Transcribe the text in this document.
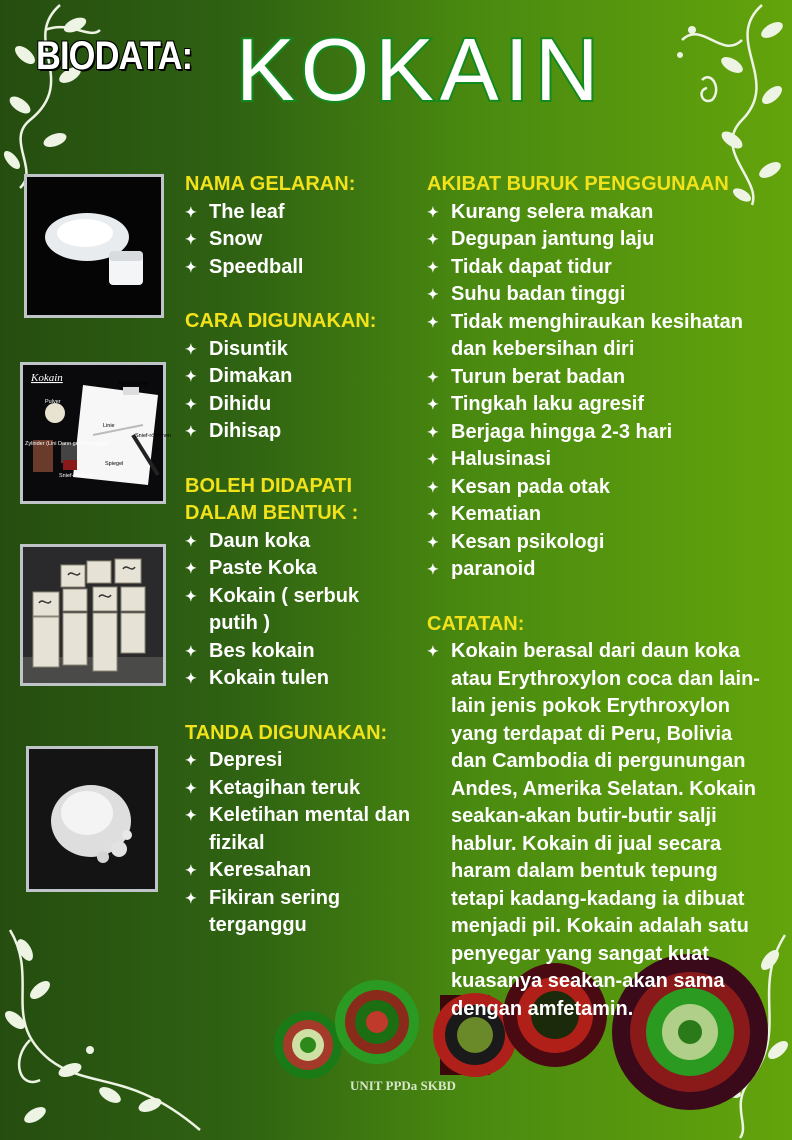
BIODATA: KOKAIN
Pulver
Rasierklinge
Linie
Zylinder (Lini Dann geschmuggelt)
Snief-röhrchen
Snief-besteck
Spiegel
Kokain
NAMA GELARAN:
✦ The leaf
✦ Snow
✦ Speedball
CARA DIGUNAKAN:
✦ Disuntik
✦ Dimakan
✦ Dihidu
✦ Dihisap
BOLEH DIDAPATI
DALAM BENTUK :
✦ Daun koka
✦ Paste Koka
✦ Kokain ( serbuk putih )
✦ Bes kokain
✦ Kokain tulen
TANDA DIGUNAKAN:
✦ Depresi
✦ Ketagihan teruk
✦ Keletihan mental dan fizikal
✦ Keresahan
✦ Fikiran sering terganggu
AKIBAT BURUK PENGGUNAAN
✦ Kurang selera makan
✦ Degupan jantung laju
✦ Tidak dapat tidur
✦ Suhu badan tinggi
✦ Tidak menghiraukan kesihatan dan kebersihan diri
✦ Turun berat badan
✦ Tingkah laku agresif
✦ Berjaga hingga 2-3 hari
✦ Halusinasi
✦ Kesan pada otak
✦ Kematian
✦ Kesan psikologi
✦ paranoid
CATATAN:
✦ Kokain berasal dari daun koka atau Erythroxylon coca dan lain-lain jenis pokok Erythroxylon yang terdapat di Peru, Bolivia dan Cambodia di pergunungan Andes, Amerika Selatan. Kokain seakan-akan butir-butir salji hablur. Kokain di jual secara haram dalam bentuk tepung tetapi kadang-kadang ia dibuat menjadi pil. Kokain adalah satu penyegar yang sangat kuat kuasanya seakan-akan sama dengan amfetamin.
UNIT PPDa SKBD
